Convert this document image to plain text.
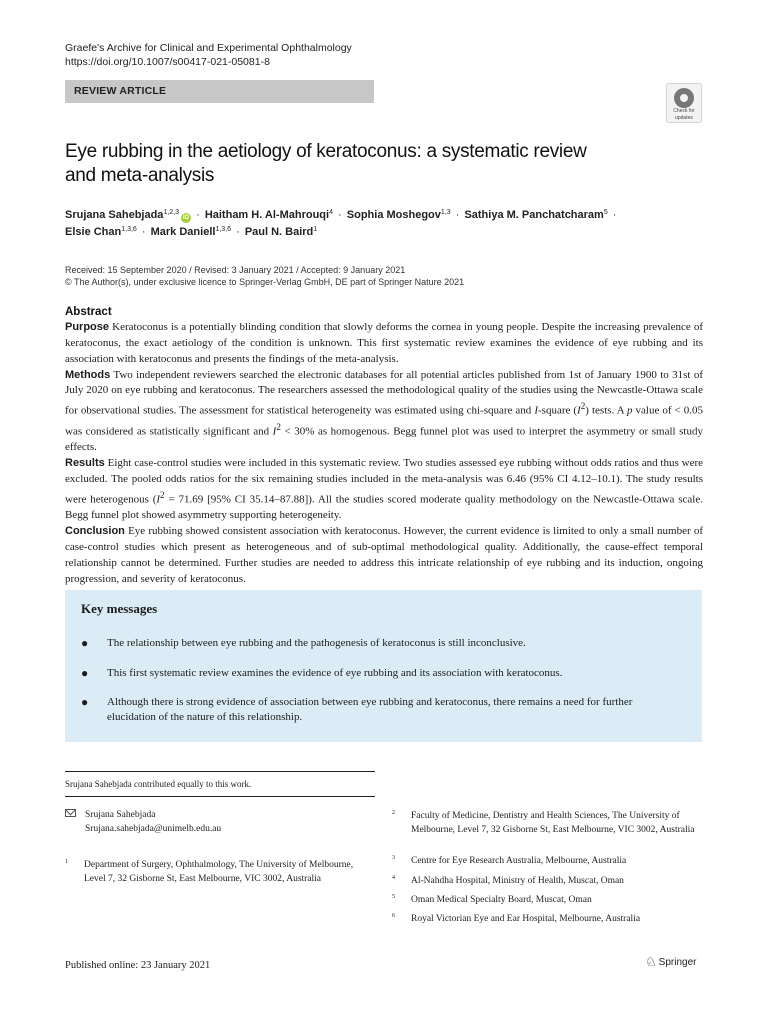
Graefe's Archive for Clinical and Experimental Ophthalmology
https://doi.org/10.1007/s00417-021-05081-8
REVIEW ARTICLE
Check for
updates
Eye rubbing in the aetiology of keratoconus: a systematic review
and meta-analysis
Srujana Sahebjada$^{1,2,3}$iD · Haitham H. Al-Mahrouqi$^4$ · Sophia Moshegov$^{1,3}$ · Sathiya M. Panchatcharam$^5$ ·
Elsie Chan$^{1,3,6}$ · Mark Daniell$^{1,3,6}$ · Paul N. Baird$^1$
Received: 15 September 2020 / Revised: 3 January 2021 / Accepted: 9 January 2021
© The Author(s), under exclusive licence to Springer-Verlag GmbH, DE part of Springer Nature 2021
Abstract

Purpose Keratoconus is a potentially blinding condition that slowly deforms the cornea in young people. Despite the increasing prevalence of keratoconus, the exact aetiology of the condition is unknown. This first systematic review examines the evidence of eye rubbing and its association with keratoconus and presents the findings of the meta-analysis.

Methods Two independent reviewers searched the electronic databases for all potential articles published from 1st of January 1900 to 31st of July 2020 on eye rubbing and keratoconus. The researchers assessed the methodological quality of the studies using the Newcastle-Ottawa scale for observational studies. The assessment for statistical heterogeneity was estimated using chi-square and I-square $(I^2)$ tests. A p value of < 0.05 was considered as statistically significant and $I^2 < 30\%$ as homogenous. Begg funnel plot was used to interpret the asymmetry or small study effects.

Results Eight case-control studies were included in this systematic review. Two studies assessed eye rubbing without odds ratios and thus were excluded. The pooled odds ratios for the six remaining studies included in the meta-analysis was 6.46 (95% CI 4.12–10.1). The study results were heterogenous ($I^2 = 71.69$ [95% CI 35.14–87.88]). All the studies scored moderate quality methodology on the Newcastle-Ottawa scale. Begg funnel plot showed asymmetry supporting heterogeneity.

Conclusion Eye rubbing showed consistent association with keratoconus. However, the current evidence is limited to only a small number of case-control studies which present as heterogeneous and of sub-optimal methodological quality. Additionally, the cause-effect temporal relationship cannot be determined. Further studies are needed to address this intricate relationship of eye rubbing and its induction, ongoing progression, and severity of keratoconus.

Key messages
● The relationship between eye rubbing and the pathogenesis of keratoconus is still inconclusive.
● This first systematic review examines the evidence of eye rubbing and its association with keratoconus.
● Although there is strong evidence of association between eye rubbing and keratoconus, there remains a need for further elucidation of the nature of this relationship.
Srujana Sahebjada contributed equally to this work.
Srujana Sahebjada
Srujana.sahebjada@unimelb.edu.au
1 Department of Surgery, Ophthalmology, The University of Melbourne, Level 7, 32 Gisborne St, East Melbourne, VIC 3002, Australia
2 Faculty of Medicine, Dentistry and Health Sciences, The University of Melbourne, Level 7, 32 Gisborne St, East Melbourne, VIC 3002, Australia
3 Centre for Eye Research Australia, Melbourne, Australia
4 Al-Nahdha Hospital, Ministry of Health, Muscat, Oman
5 Oman Medical Specialty Board, Muscat, Oman
6 Royal Victorian Eye and Ear Hospital, Melbourne, Australia
Published online: 23 January 2021	♘ Springer
